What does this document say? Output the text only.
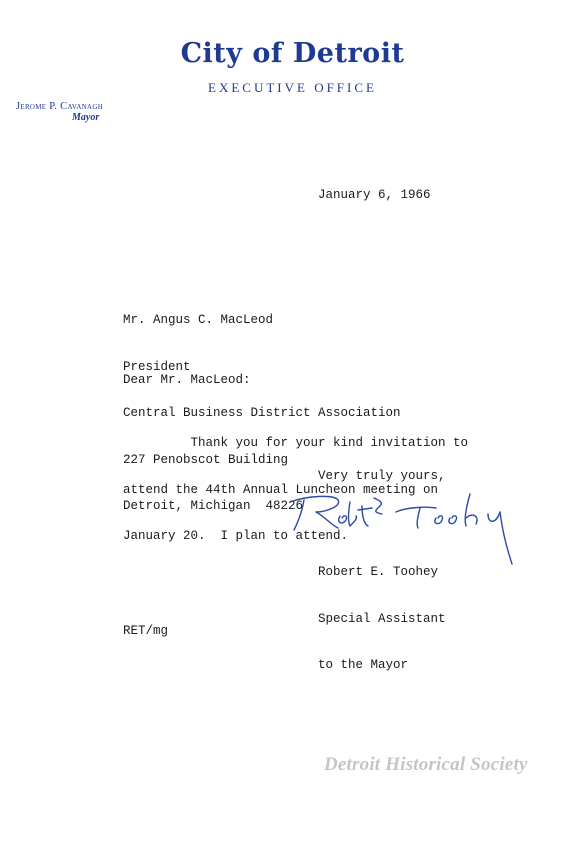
City of Detroit
EXECUTIVE OFFICE
Jerome P. Cavanagh
Mayor
January 6, 1966

Mr. Angus C. MacLeod

President

Central Business District Association

227 Penobscot Building

Detroit, Michigan  48226

Dear Mr. MacLeod:

Thank you for your kind invitation to

attend the 44th Annual Luncheon meeting on

January 20.  I plan to attend.

Very truly yours,

Robert E. Toohey

Special Assistant

to the Mayor

RET/mg
Detroit Historical Society
